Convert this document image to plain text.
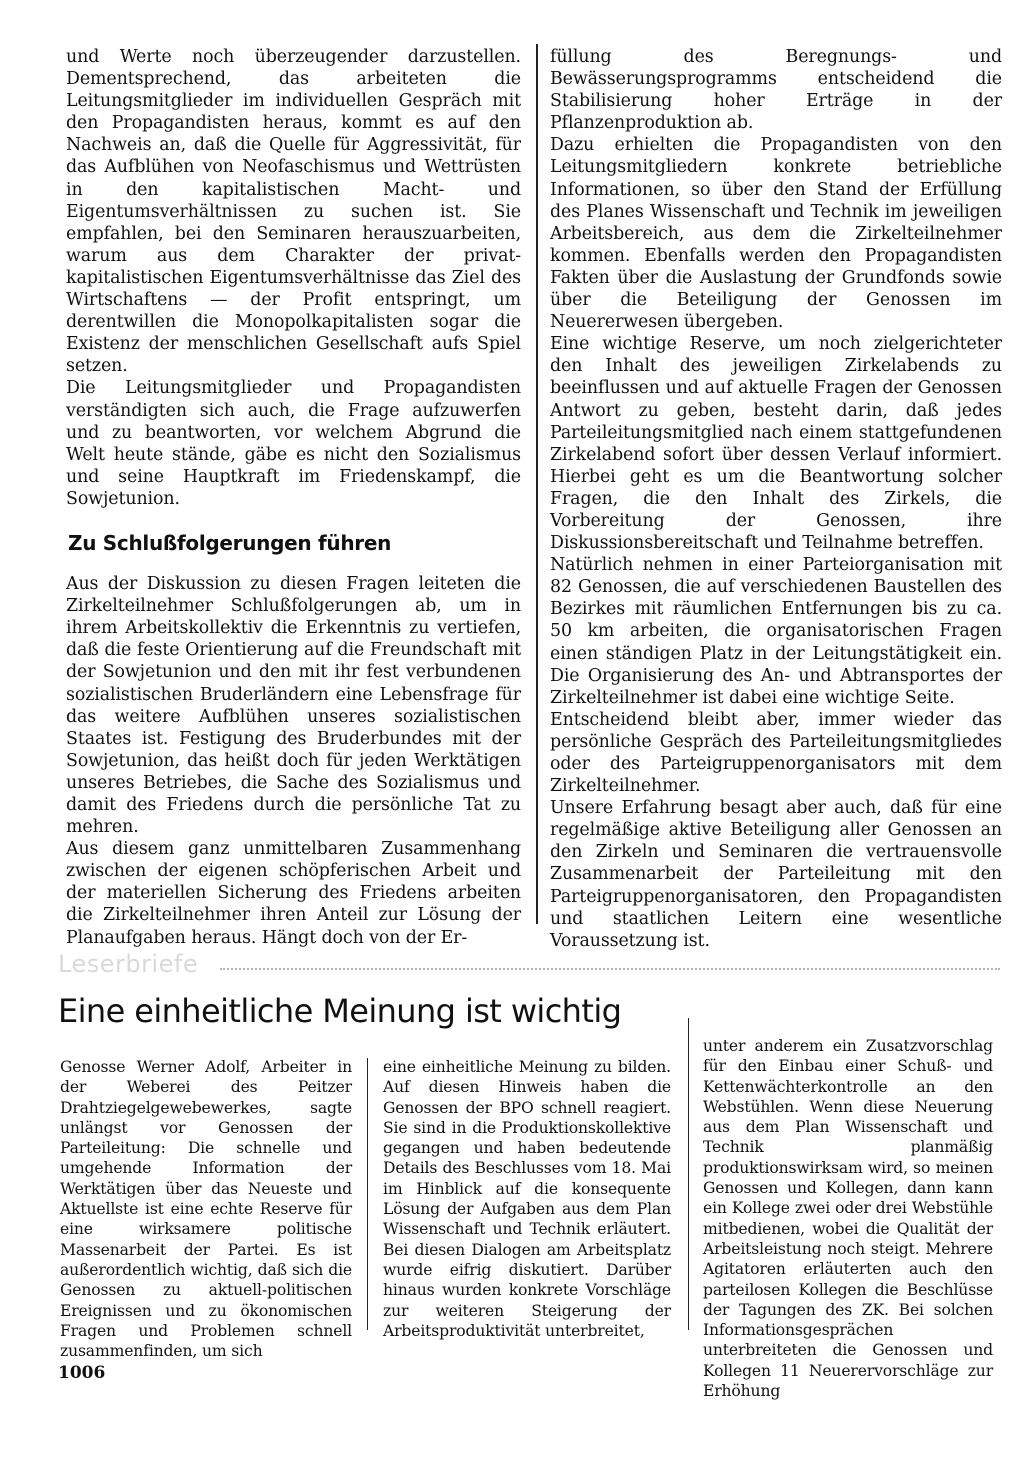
und Werte noch überzeugender darzustellen. Dementsprechend, das arbeiteten die Leitungsmitglieder im individuellen Gespräch mit den Propagandisten heraus, kommt es auf den Nachweis an, daß die Quelle für Aggressivität, für das Aufblühen von Neofaschismus und Wettrüsten in den kapitalistischen Macht- und Eigentumsverhältnissen zu suchen ist. Sie empfahlen, bei den Seminaren herauszuarbeiten, warum aus dem Charakter der privat-kapitalistischen Eigentumsverhältnisse das Ziel des Wirtschaftens — der Profit entspringt, um derentwillen die Monopolkapitalisten sogar die Existenz der menschlichen Gesellschaft aufs Spiel setzen.

Die Leitungsmitglieder und Propagandisten verständigten sich auch, die Frage aufzuwerfen und zu beantworten, vor welchem Abgrund die Welt heute stände, gäbe es nicht den Sozialismus und seine Hauptkraft im Friedenskampf, die Sowjetunion.

Zu Schlußfolgerungen führen

Aus der Diskussion zu diesen Fragen leiteten die Zirkelteilnehmer Schlußfolgerungen ab, um in ihrem Arbeitskollektiv die Erkenntnis zu vertiefen, daß die feste Orientierung auf die Freundschaft mit der Sowjetunion und den mit ihr fest verbundenen sozialistischen Bruderländern eine Lebensfrage für das weitere Aufblühen unseres sozialistischen Staates ist. Festigung des Bruderbundes mit der Sowjetunion, das heißt doch für jeden Werktätigen unseres Betriebes, die Sache des Sozialismus und damit des Friedens durch die persönliche Tat zu mehren.

Aus diesem ganz unmittelbaren Zusammenhang zwischen der eigenen schöpferischen Arbeit und der materiellen Sicherung des Friedens arbeiten die Zirkelteilnehmer ihren Anteil zur Lösung der Planaufgaben heraus. Hängt doch von der Er-

füllung des Beregnungs- und Bewässerungsprogramms entscheidend die Stabilisierung hoher Erträge in der Pflanzenproduktion ab.

Dazu erhielten die Propagandisten von den Leitungsmitgliedern konkrete betriebliche Informationen, so über den Stand der Erfüllung des Planes Wissenschaft und Technik im jeweiligen Arbeitsbereich, aus dem die Zirkelteilnehmer kommen. Ebenfalls werden den Propagandisten Fakten über die Auslastung der Grundfonds sowie über die Beteiligung der Genossen im Neuererwesen übergeben.

Eine wichtige Reserve, um noch zielgerichteter den Inhalt des jeweiligen Zirkelabends zu beeinflussen und auf aktuelle Fragen der Genossen Antwort zu geben, besteht darin, daß jedes Parteileitungsmitglied nach einem stattgefundenen Zirkelabend sofort über dessen Verlauf informiert. Hierbei geht es um die Beantwortung solcher Fragen, die den Inhalt des Zirkels, die Vorbereitung der Genossen, ihre Diskussionsbereitschaft und Teilnahme betreffen.

Natürlich nehmen in einer Parteiorganisation mit 82 Genossen, die auf verschiedenen Baustellen des Bezirkes mit räumlichen Entfernungen bis zu ca. 50 km arbeiten, die organisatorischen Fragen einen ständigen Platz in der Leitungstätigkeit ein. Die Organisierung des An- und Abtransportes der Zirkelteilnehmer ist dabei eine wichtige Seite.

Entscheidend bleibt aber, immer wieder das persönliche Gespräch des Parteileitungsmitgliedes oder des Parteigruppenorganisators mit dem Zirkelteilnehmer.

Unsere Erfahrung besagt aber auch, daß für eine regelmäßige aktive Beteiligung aller Genossen an den Zirkeln und Seminaren die vertrauensvolle Zusammenarbeit der Parteileitung mit den Parteigruppenorganisatoren, den Propagandisten und staatlichen Leitern eine wesentliche Voraussetzung ist.

Leserbriefe
Eine einheitliche Meinung ist wichtig

Genosse Werner Adolf, Arbeiter in der Weberei des Peitzer Drahtziegelgewebewerkes, sagte unlängst vor Genossen der Parteileitung: Die schnelle und umgehende Information der Werktätigen über das Neueste und Aktuellste ist eine echte Reserve für eine wirksamere politische Massenarbeit der Partei. Es ist außerordentlich wichtig, daß sich die Genossen zu aktuell-politischen Ereignissen und zu ökonomischen Fragen und Problemen schnell zusammenfinden, um sich

eine einheitliche Meinung zu bilden. Auf diesen Hinweis haben die Genossen der BPO schnell reagiert. Sie sind in die Produktionskollektive gegangen und haben bedeutende Details des Beschlusses vom 18. Mai im Hinblick auf die konsequente Lösung der Aufgaben aus dem Plan Wissenschaft und Technik erläutert. Bei diesen Dialogen am Arbeitsplatz wurde eifrig diskutiert. Darüber hinaus wurden konkrete Vorschläge zur weiteren Steigerung der Arbeitsproduktivität unterbreitet,

unter anderem ein Zusatzvorschlag für den Einbau einer Schuß- und Kettenwächterkontrolle an den Webstühlen. Wenn diese Neuerung aus dem Plan Wissenschaft und Technik planmäßig produktionswirksam wird, so meinen Genossen und Kollegen, dann kann ein Kollege zwei oder drei Webstühle mitbedienen, wobei die Qualität der Arbeitsleistung noch steigt. Mehrere Agitatoren erläuterten auch den parteilosen Kollegen die Beschlüsse der Tagungen des ZK. Bei solchen Informationsgesprächen unterbreiteten die Genossen und Kollegen 11 Neuerervorschläge zur Erhöhung

1006
